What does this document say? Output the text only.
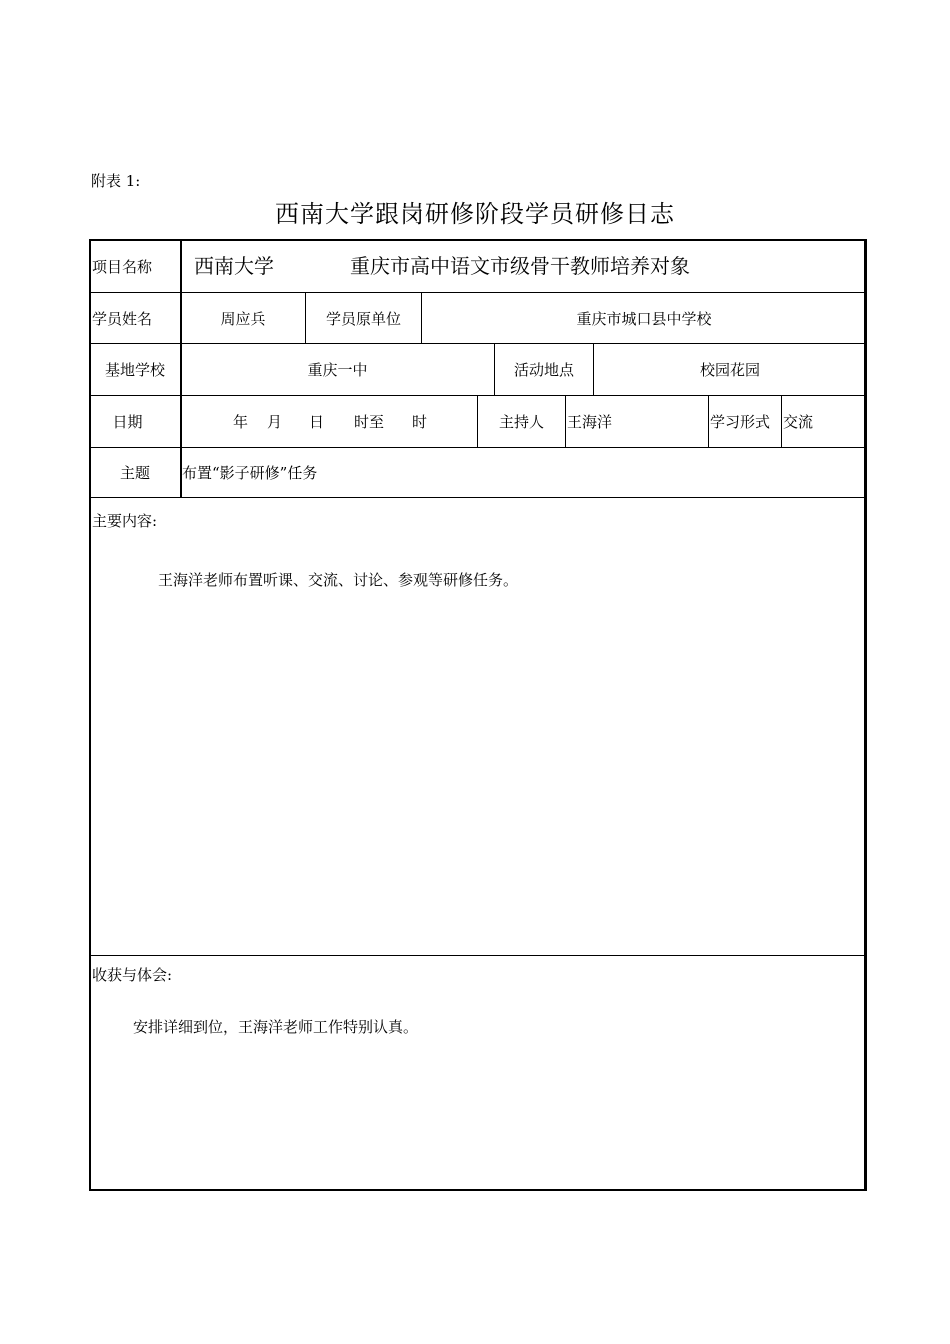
附表 1:
西南大学跟岗研修阶段学员研修日志
项目名称 西南大学	重庆市高中语文市级骨干教师培养对象
学员姓名	周应兵	学员原单位	重庆市城口县中学校
基地学校	重庆一中	活动地点	校园花园
日期	年 月 日 时至 时	主持人	王海洋	学习形式 交流
主题	布置“影子研修”任务
主要内容:
王海洋老师布置听课、交流、讨论、参观等研修任务。
收获与体会:
安排详细到位，王海洋老师工作特别认真。
